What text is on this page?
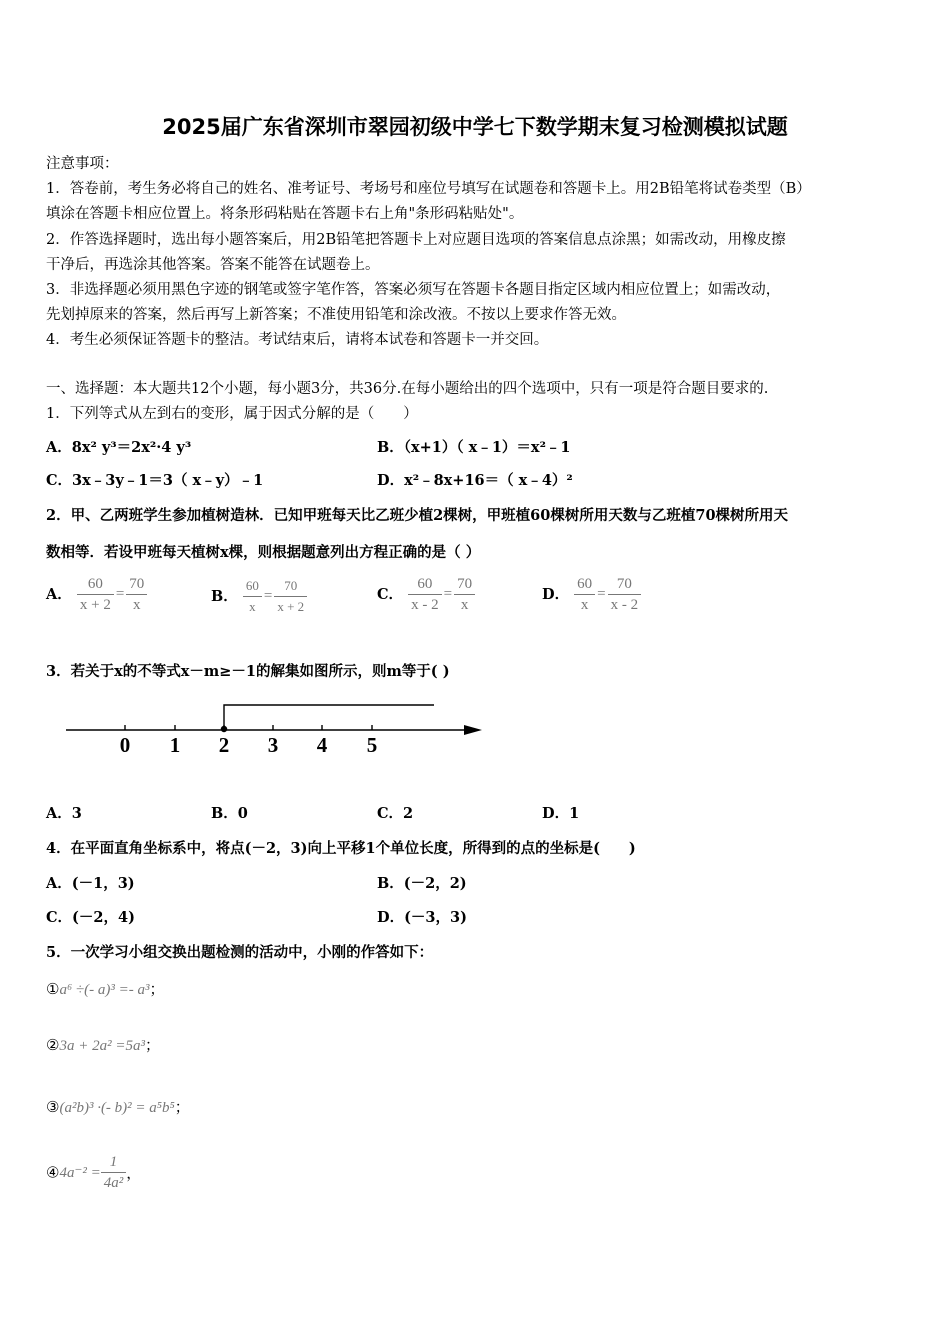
2025届广东省深圳市翠园初级中学七下数学期末复习检测模拟试题
注意事项：
1．答卷前，考生务必将自己的姓名、准考证号、考场号和座位号填写在试题卷和答题卡上。用2B铅笔将试卷类型（B）
填涂在答题卡相应位置上。将条形码粘贴在答题卡右上角"条形码粘贴处"。
2．作答选择题时，选出每小题答案后，用2B铅笔把答题卡上对应题目选项的答案信息点涂黑；如需改动，用橡皮擦
干净后，再选涂其他答案。答案不能答在试题卷上。
3．非选择题必须用黑色字迹的钢笔或签字笔作答，答案必须写在答题卡各题目指定区域内相应位置上；如需改动，
先划掉原来的答案，然后再写上新答案；不准使用铅笔和涂改液。不按以上要求作答无效。
4．考生必须保证答题卡的整洁。考试结束后，请将本试卷和答题卡一并交回。
一、选择题：本大题共12个小题，每小题3分，共36分.在每小题给出的四个选项中，只有一项是符合题目要求的.
1．下列等式从左到右的变形，属于因式分解的是（　　）
A．8x² y³＝2x²·4 y³	B．（x+1）（ x﹣1）＝x²﹣1
C．3x﹣3y﹣1＝3（ x﹣y）﹣1	D．x²﹣8x+16＝（ x﹣4）²
2．甲、乙两班学生参加植树造林．已知甲班每天比乙班少植2棵树，甲班植60棵树所用天数与乙班植70棵树所用天
数相等．若设甲班每天植树x棵，则根据题意列出方程正确的是（ ）
A． $\frac{60}{x + 2} = \frac{70}{x}$	B． $\frac{60}{x} = \frac{70}{x + 2}$	C． $\frac{60}{x - 2} = \frac{70}{x}$	D． $\frac{60}{x} = \frac{70}{x - 2}$
3．若关于x的不等式x－m≥－1的解集如图所示，则m等于( )
0 1 2 3 4 5
A．3	B．0	C．2	D．1
4．在平面直角坐标系中，将点(－2，3)向上平移1个单位长度，所得到的点的坐标是(　　)
A．(－1，3)	B．(－2，2)
C．(－2，4)	D．(－3，3)
5．一次学习小组交换出题检测的活动中，小刚的作答如下：
①a⁶ ÷(- a)³ =- a³；
②3a + 2a² =5a³；
③(a²b)³ ·(- b)² = a⁵b⁵；
④4a⁻² = $\frac{1}{\text{4a²}}$ ，
